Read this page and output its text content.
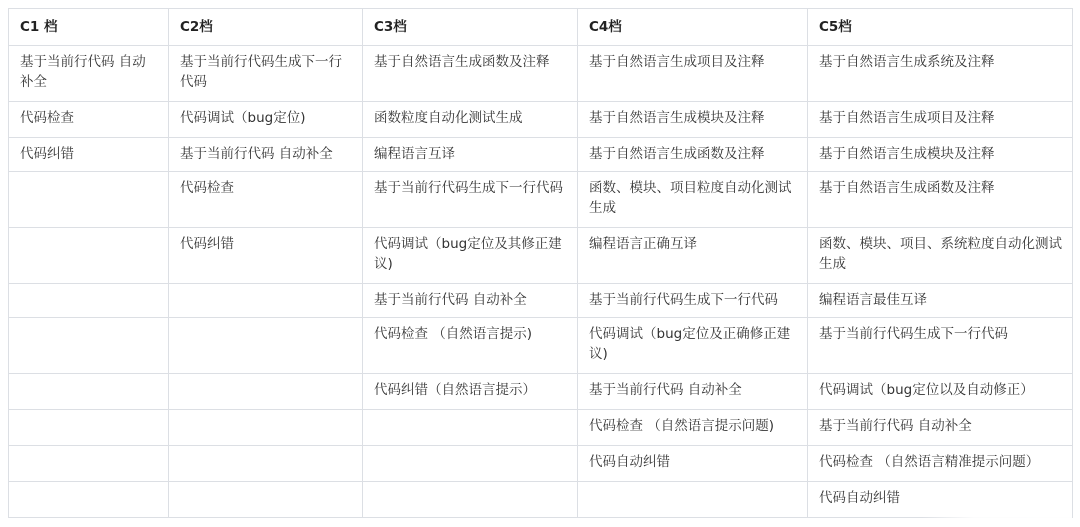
C1 档	C2档	C3档	C4档	C5档
基于当前行代码 自动补全	基于当前行代码生成下一行代码	基于自然语言生成函数及注释	基于自然语言生成项目及注释	基于自然语言生成系统及注释
代码检查	代码调试（bug定位)	函数粒度自动化测试生成	基于自然语言生成模块及注释	基于自然语言生成项目及注释
代码纠错	基于当前行代码 自动补全	编程语言互译	基于自然语言生成函数及注释	基于自然语言生成模块及注释
	代码检查	基于当前行代码生成下一行代码	函数、模块、项目粒度自动化测试生成	基于自然语言生成函数及注释
	代码纠错	代码调试（bug定位及其修正建议)	编程语言正确互译	函数、模块、项目、系统粒度自动化测试生成
		基于当前行代码 自动补全	基于当前行代码生成下一行代码	编程语言最佳互译
		代码检查 （自然语言提示)	代码调试（bug定位及正确修正建议)	基于当前行代码生成下一行代码
		代码纠错（自然语言提示）	基于当前行代码 自动补全	代码调试（bug定位以及自动修正）
			代码检查 （自然语言提示问题)	基于当前行代码 自动补全
			代码自动纠错	代码检查 （自然语言精准提示问题）
				代码自动纠错
